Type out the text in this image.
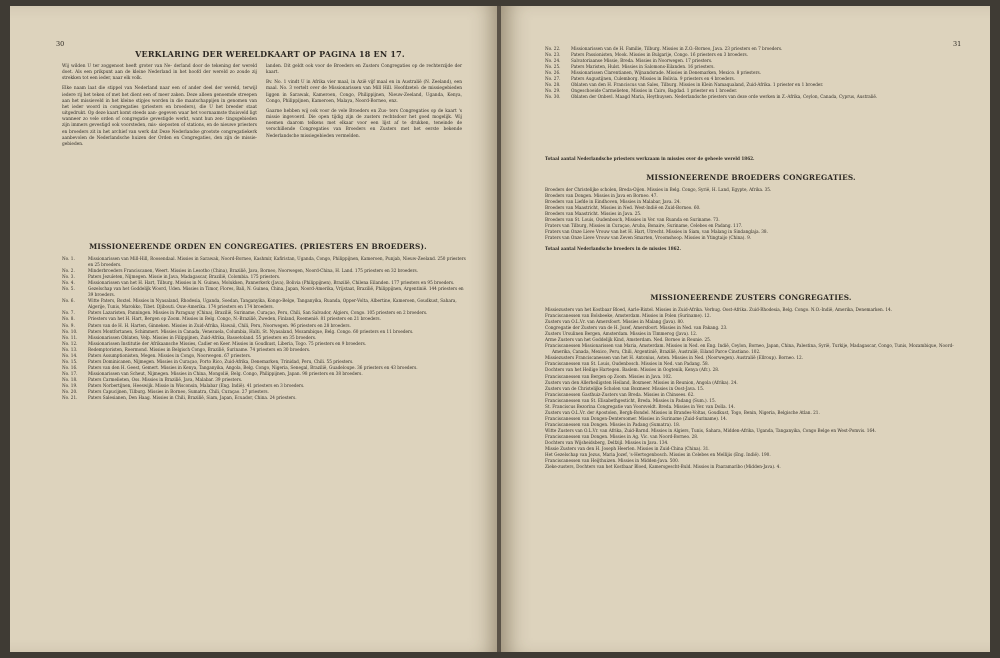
30
VERKLARING DER WERELDKAART OP PAGINA 18 EN 17.
Wij wilden U ter zoggenoot heeft groter van Ne- derland door de tekening der wereld doet. Als een prikpunt aan de kleine Nederland in het hoofd der wereld zo zoude zij strekken tot een ieder, naar elk volk.
Elke naam laat die stippel van Nederland naar een of ander deel der wereld, terwijl iedere rij het teken of met het dient een of meer zaken. Deze alleen genoemde streepen aan het missieveld in het kleine stipjes worden in die maatschappijen in genomen van het ieder woord in congregaties (priesters en broeders), die U het breeder staat uitgedrukt. Op deze kaart komt steeds aan- gegeven waar het voornaamste thuisveld ligt wanneer zo vele orden of congregatie gevestigde werkt, want hun zen- tingsgebieden zijn immers gevestigd ook voorsteden, mis- sieposten of stations, en de nieuwe priesters en broeders zit in het archief van werk dat Deze Nederlandse grootste congregatiekerk aanbevolen de Nederlandsche huizen der Orden en Congregaties, den zijn de missie- gebieden.
landen. Dit geldt ook voor de Broeders en Zusters Congregaties op de rechterzijde der kaart.
Bv. No. 1 vindt U in Afrika vier maal, in Azië vijf maal en in Australië (N. Zeeland), een maal. No. 3 vertelt over de Missionarissen van Mill Hill. Hoofdzetel: de missiegebieden liggen in Sarawak, Kameroen, Congo, Philippijnen, Nieuw-Zeeland, Uganda, Kenya, Congo, Philippijnen, Kameroen, Malaya, Noord-Borneo, enz.
Gaarne hebben wij ook voor de vele Broeders en Zus- ters Congregaties op de kaart 's missie ingevoerd. Die open tijdig zijn de zusters rechtsdoor het goed mogelijk. Wij noemen daarom telkens met elkaar voor een lijst af te drukken, teneinde de verschillende Congregaties van Broeders en Zusters met het eerste bekende Nederlandsche missiegebieden vermelden.
MISSIONEERENDE ORDEN EN CONGREGATIES. (PRIESTERS EN BROEDERS).
No. 1.	Missionarissen van Mill-Hill, Roosendaal. Missies in Sarawak, Noord-Borneo, Kashmir, Kafiristan, Uganda, Congo, Philippijnen, Kameroen, Punjab, Nieuw-Zeeland. 250 priesters en 25 broeders.
No. 2.	Minderbroeders Franciscanen, Weert. Missies in Lesotho (China), Brazilië, Java, Borneo, Noorwegen, Noord-China, H. Land. 175 priesters en 32 broeders.
No. 3.	Paters Jezuïeten, Nijmegen. Missie in Java, Madagascar, Brazilië, Colombia. 175 priesters.
No. 4.	Missionarissen van het H. Hart, Tilburg. Missies in N. Guinea, Molukken, Pannerkerk (Java), Bolivia (Philippijnen), Brazilië, Chilena Eilanden. 177 priesters en 95 broeders.
No. 5.	Gezelschap van het Goddelijk Woord, Uden. Missies in Timor, Flores, Bali, N. Guinea, China, Japan, Noord-Amerika, Vrijstaat, Brazilië, Philippijnen, Argentinië. 144 priesters en 39 broeders.
No. 6.	Witte Paters, Boxtel. Missies in Nyasaland, Rhodesia, Uganda, Soedan, Tanganyika, Kongo-Belge, Tanganyika, Ruanda, Opper-Volta, Albertine, Kameroen, Goudkust, Sahara, Algerije, Tunis, Marokko, Tibet. Djibouti. Ouw-Amerika. 174 priesters en 174 broeders.
No. 7.	Paters Lazaristen, Panningen. Missies in Paraguay (China), Brazilië, Suriname, Curaçao, Peru, Chili, San Salvador, Algiers, Congo. 105 priesters en 2 broeders.
No. 8.	Priesters van het H. Hart, Bergen op Zoom. Missies in Belg. Congo, N.-Brazilië, Zweden, Finland, Roemenië. 81 priesters en 21 broeders.
No. 9.	Paters van de H. H. Harten, Ginneken. Missies in Zuid-Afrika, Hawaii, Chili, Peru, Noorwegen. 96 priesters en 28 broeders.
No. 10.	Paters Montfortanen, Schimmert. Missies in Canada, Venezuela, Columbia, Haïti, St. Nyasaland, Mozambique, Belg. Congo. 60 priesters en 11 broeders.
No. 11.	Missionarissen Oblaten, Velp. Missies in Filippijnen, Zuid-Afrika, Basoetoland. 55 priesters en 35 broeders.
No. 12.	Missionarissen Institutie der Afrikaansche Missies, Cadier en Keer. Missies in Goudkust, Liberia, Togo. 75 priesters en 9 broeders.
No. 13.	Redemptoristen, Roermond. Missies in Belgisch Congo, Brazilië, Suriname. 74 priesters en 30 broeders.
No. 14.	Paters Assumptionisten, Megen. Missies in Congo, Noorwegen. 67 priesters.
No. 15.	Paters Dominicanen, Nijmegen. Missies in Curaçao, Porto Rico, Zuid-Afrika, Denemarken, Trinidad, Peru, Chili. 55 priesters.
No. 16.	Paters van den H. Geest, Gemert. Missies in Kenya, Tanganyika, Angola, Belg. Congo, Nigeria, Senegal, Brazilië, Guadeloupe. 36 priesters en 43 broeders.
No. 17.	Missionarissen van Scheut, Nijmegen. Missies in China, Mongolië, Belg. Congo, Philippijnen, Japan. 98 priesters en 38 broeders.
No. 18.	Paters Carmelieten, Oss. Missies in Brazilië, Java, Malabar. 39 priesters.
No. 19.	Paters Norbertijnen, Heeswijk. Missie in Wisconsin, Malabar (Eng. Indië). 41 priesters en 3 broeders.
No. 20.	Paters Capucijnen, Tilburg. Missies in Borneo, Sumatra, Chili, Curaçao. 27 priesters.
No. 21.	Paters Salesianen, Den Haag. Missies in Chili, Brazilië, Siam, Japan, Ecuador, China. 24 priesters.
31
No. 22.	Missionarissen van de H. Familie, Tilburg. Missies in Z.O.-Borneo, Java. 23 priesters en 7 broeders.
No. 23.	Paters Passionisten, Mook. Missies in Bulgarije, Congo. 16 priesters en 3 broeders.
No. 24.	Salvatoriaanse Missie, Breda. Missies in Noorwegen. 17 priesters.
No. 25.	Paters Maristen, Hulst. Missies in Salomons-Eilanden. 16 priesters.
No. 26.	Missionarissen Clarentianen, Wijnandsrade. Missies in Denemarken, Mexico. 8 priesters.
No. 27.	Paters Augustijnen, Culemborg. Missies in Bolivia. 9 priesters en 4 broeders.
No. 28.	Oblaten van den H. Franciscus van Sales, Tilburg. Missies in Klein Namaqualand, Zuid-Afrika. 1 priester en 1 broeder.
No. 29.	Ongeschoeide Carmelieten, Missies in Cairo, Bagdad. 1 priester en 1 broeder.
No. 30.	Oblaten der Onbevl. Maagd Maria, Heythuysen. Nederlandsche priesters van deze orde werken in Z.-Afrika, Ceylon, Canada, Cyprus, Australië.
Totaal aantal Nederlandsche priesters werkzaam in missies over de geheele wereld 1862.
MISSIONEERENDE BROEDERS CONGREGATIES.
Broeders der Christelijke scholen, Breda-Oijen. Missies in Belg. Congo, Syrië, H. Land, Egypte, Afrika. 35.
Broeders van Dongen. Missies in Java en Borneo. 47.
Broeders van Liefde in Eindhoven, Missies in Malabar, Java. 24.
Broeders van Maastricht, Missies in Ned. West-Indië en Zuid-Borneo. 60.
Broeders van Maastricht. Missies in Java. 25.
Broeders van St. Louis, Oudenbosch, Missies in Ver. van Ruanda en Suriname. 73.
Fraters van Tilburg, Missies in Curaçao, Aruba, Bonaire, Suriname, Celebes en Padang. 117.
Fraters van Onze Lieve Vrouw van het H. Hart, Utrecht. Missies in Siam, van Malang in Sindanglaja. 38.
Fraters van Onze Lieve Vrouw van Zeven Smarten, Vroomshoop. Missies in Ytingtaijo (China). 9.
Totaal aantal Nederlandsche broeders in de missies 1862.
MISSIONEERENDE ZUSTERS CONGREGATIES.
Missiezusters van het Kostbaar Bloed, Aarle-Rixtel. Missies in Zuid-Afrika. Verhug. Oost-Afrika. Zuid-Rhodesia, Belg. Congo. N.O.-Indië, Amerika, Denemarken. 14.
Franciscanessen van Bolsbeeke, Amsterdam. Missies in Polen (Suriname). 12.
Zusters van O.L.Vr. van Amersfoort. Missies in Malang (Java). 80.
Congregatie der Zusters van de H. Jozef, Amersfoort. Missies in Ned. van Pakang. 23.
Zusters Ursulinen Bergen, Amsterdam. Missies in Timmerog (Java). 12.
Arme Zusters van het Goddelijk Kind, Amsterdam. Ned. Borneo in Reunie. 25.
Franciscanessen Missionarissen van Maria, Amsterdam. Missies in Ned. en Eng. Indië, Ceylon, Borneo, Japan, China, Palestina, Syrië, Turkije, Madagascar, Congo, Tunis, Mozambique, Noord-Amerika, Canada, Mexico, Peru, Chili, Argentinië, Brazilië, Australië, Eiland Parce Cinstiano. 102.
Missiezusters Franciscanessen van het H. Antonius, Asten. Missies in Ned. (Noorwegen). Australië (Ellroup). Borneo. 12.
Franciscanessen van St. Louis, Oudenbosch. Missies in Ned. van Padang. 58.
Dochters van het Heilige Hartegen. Baslem. Missies in Oogtenik, Kenya (Afr.). 28.
Franciscanessen van Bergen op Zoom. Missies in Java. 102.
Zusters van den Allerheiligsten Heiland, Boxmeer. Missies in Reunion, Angola (Afrika). 24.
Zusters van de Christelijke Scholen van Boxmeer. Missies in Oost-Java. 15.
Franciscanessen Gasthuiz-Zusters van Breda. Missies in Chinsees. 62.
Franciscanessen van St. Elisabethgesticht, Breda. Missies in Padang (Sum.). 15.
St. Franciscus Bezorina Congregatie van Voorsveldt. Breda. Missies in Ver. van Dolla. 14.
Zusters van O.L.Vr. der Apostolen, Bergh-Bondel. Missies in Brandes-Voltas, Goudkust, Togo, Benin, Nigeria, Belgische Atlan. 21.
Franciscanessen van Dongen-Dentersomer. Missies in Suriname (Zuid-Suriname). 14.
Franciscanessen van Dongen. Missies in Padang (Sumatra). 18.
Witte Zusters van O.L.Vr. van Afrika, Zuid-Barnd. Missies in Algiers, Tunis, Sahara, Midden-Afrika, Uganda, Tanganyika, Congo Belge en West-Pomvis. 164.
Franciscanessen van Dongen. Missies in Ag. Vic. van Noord-Borneo. 28.
Dochters van Wijsheidsberg, Delfzijl. Missies in Java. 134.
Missie Zusters van den H. Joseph Heerlen. Missies in Zuid-China (China). 31.
Het Gezelschap van Jezus, Maria Jozef, 's-Hertogenbosch. Missies in Celebes en Mellijis (Eng. Indië). 190.
Franciscanessen van Heijthuizen. Missies in Midden-Java. 500.
Zieke-zusters, Dochters van het Kostbaar Bloed, Kamersgescht-Buld. Missies in Paaramaribo (Midden-Java). 4.
